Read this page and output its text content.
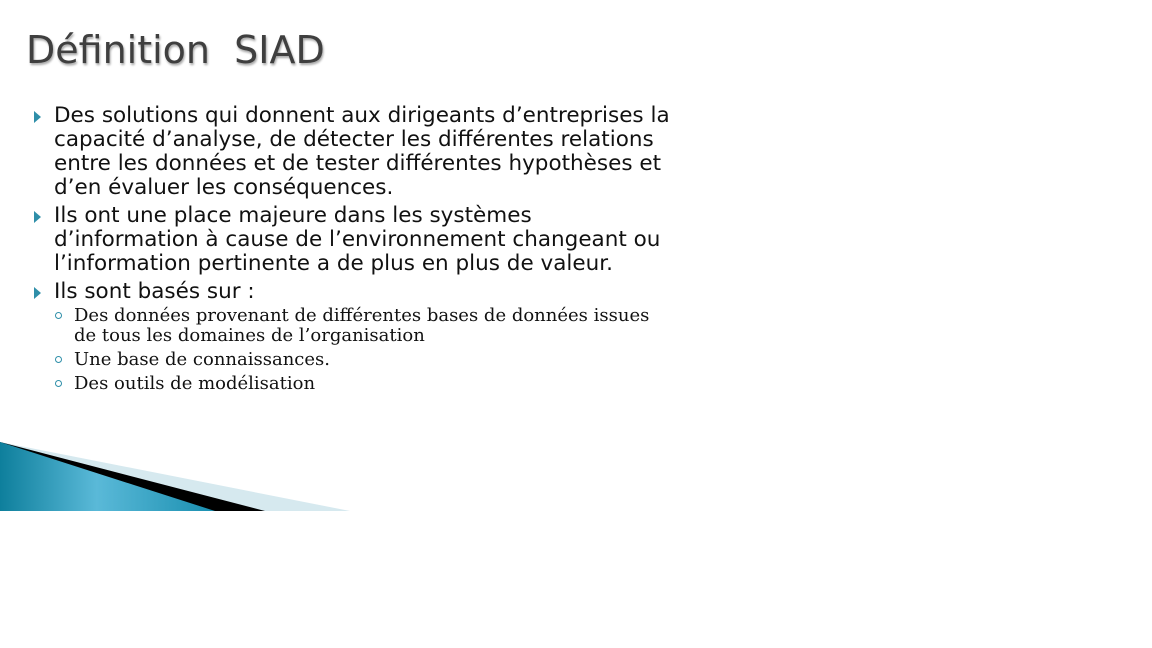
Définition  SIAD
Des solutions qui donnent aux dirigeants d’entreprises la capacité d’analyse, de détecter les différentes relations entre les données et de tester différentes hypothèses et d’en évaluer les conséquences.
Ils ont une place majeure dans les systèmes d’information à cause de l’environnement changeant ou l’information pertinente a de plus en plus de valeur.
Ils sont basés sur :
Des données provenant de différentes bases de données issues de tous les domaines de l’organisation
Une base de connaissances.
Des outils de modélisation
